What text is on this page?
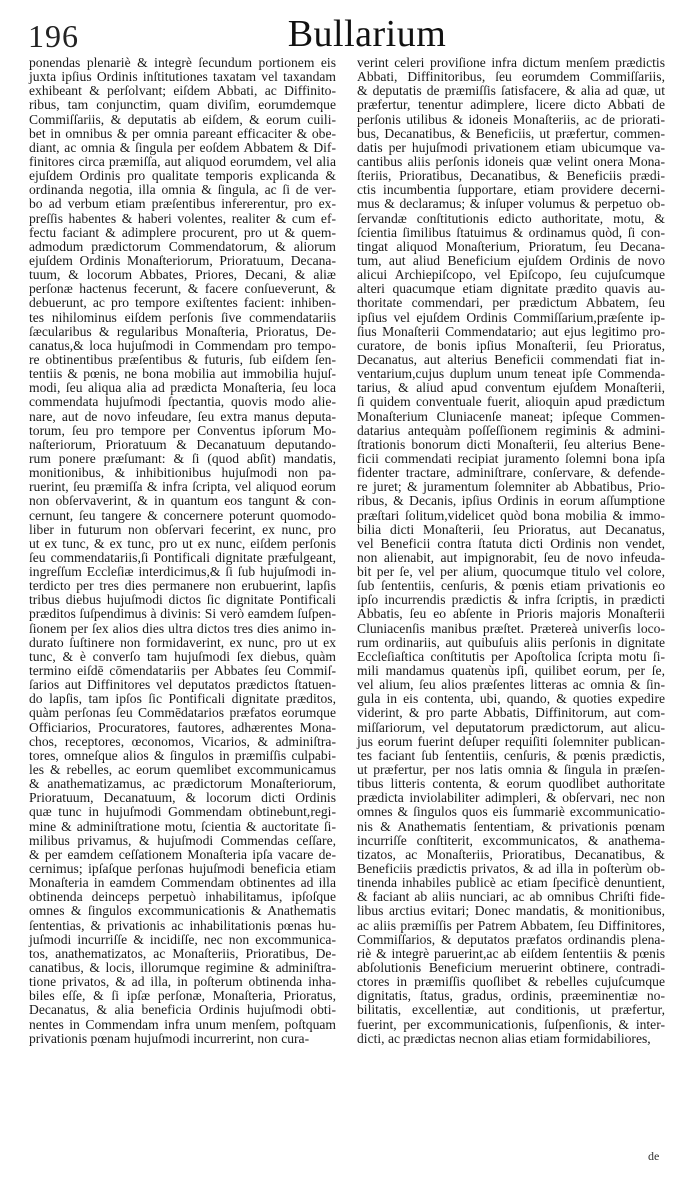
196	Bullarium
ponendas plenariè & integrè ſecundum portionem eis
juxta ipſius Ordinis inſtitutiones taxatam vel taxandam
exhibeant & perſolvant; eiſdem Abbati, ac Diffinito-
ribus, tam conjunctim, quam diviſim, eorumdemque
Commiſſariis, & deputatis ab eiſdem, & eorum cuili-
bet in omnibus & per omnia pareant efficaciter & obe-
diant, ac omnia & ſingula per eoſdem Abbatem & Dif-
finitores circa præmiſſa, aut aliquod eorumdem, vel alia
ejuſdem Ordinis pro qualitate temporis explicanda &
ordinanda negotia, illa omnia & ſingula, ac ſi de ver-
bo ad verbum etiam præſentibus infererentur, pro ex-
preſſis habentes & haberi volentes, realiter & cum ef-
fectu faciant & adimplere procurent, pro ut & quem-
admodum prædictorum Commendatorum, & aliorum
ejuſdem Ordinis Monaſteriorum, Prioratuum, Decana-
tuum, & locorum Abbates, Priores, Decani, & aliæ
perſonæ hactenus fecerunt, & facere conſueverunt, &
debuerunt, ac pro tempore exiſtentes facient: inhiben-
tes nihilominus eiſdem perſonis ſive commendatariis
ſæcularibus & regularibus Monaſteria, Prioratus, De-
canatus,& loca hujuſmodi in Commendam pro tempo-
re obtinentibus præſentibus & futuris, ſub eiſdem ſen-
tentiis & pœnis, ne bona mobilia aut immobilia hujuſ-
modi, ſeu aliqua alia ad prædicta Monaſteria, ſeu loca
commendata hujuſmodi ſpectantia, quovis modo alie-
nare, aut de novo infeudare, ſeu extra manus deputa-
torum, ſeu pro tempore per Conventus ipſorum Mo-
naſteriorum, Prioratuum & Decanatuum deputando-
rum ponere præſumant: & ſi (quod abſit) mandatis,
monitionibus, & inhibitionibus hujuſmodi non pa-
ruerint, ſeu præmiſſa & infra ſcripta, vel aliquod eorum
non obſervaverint, & in quantum eos tangunt & con-
cernunt, ſeu tangere & concernere poterunt quomodo-
liber in futurum non obſervari fecerint, ex nunc, pro
ut ex tunc, & ex tunc, pro ut ex nunc, eiſdem perſonis
ſeu commendatariis,ſi Pontificali dignitate præfulgeant,
ingreſſum Eccleſiæ interdicimus,& ſi ſub hujuſmodi in-
terdicto per tres dies permanere non erubuerint, lapſis
tribus diebus hujuſmodi dictos ſic dignitate Pontificali
præditos ſuſpendimus à divinis: Si verò eamdem ſuſpen-
ſionem per ſex alios dies ultra dictos tres dies animo in-
durato ſuſtinere non formidaverint, ex nunc, pro ut ex
tunc, & è converſo tam hujuſmodi ſex diebus, quàm
termino eiſdē cōmendatariis per Abbates ſeu Commiſ-
ſarios aut Diffinitores vel deputatos prædictos ſtatuen-
do lapſis, tam ipſos ſic Pontificali dignitate præditos,
quàm perſonas ſeu Commēdatarios præfatos eorumque
Officiarios, Procuratores, fautores, adhærentes Mona-
chos, receptores, œconomos, Vicarios, & adminiſtra-
tores, omneſque alios & ſingulos in præmiſſis culpabi-
les & rebelles, ac eorum quemlibet excommunicamus
& anathematizamus, ac prædictorum Monaſteriorum,
Prioratuum, Decanatuum, & locorum dicti Ordinis
quæ tunc in hujuſmodi Gommendam obtinebunt,regi-
mine & adminiſtratione motu, ſcientia & auctoritate ſi-
milibus privamus, & hujuſmodi Commendas ceſſare,
& per eamdem ceſſationem Monaſteria ipſa vacare de-
cernimus; ipſaſque perſonas hujuſmodi beneficia etiam
Monaſteria in eamdem Commendam obtinentes ad illa
obtinenda deinceps perpetuò inhabilitamus, ipſoſque
omnes & ſingulos excommunicationis & Anathematis
ſententias, & privationis ac inhabilitationis pœnas hu-
juſmodi incurriſſe & incidiſſe, nec non excommunica-
tos, anathematizatos, ac Monaſteriis, Prioratibus, De-
canatibus, & locis, illorumque regimine & adminiſtra-
tione privatos, & ad illa, in poſterum obtinenda inha-
biles eſſe, & ſi ipſæ perſonæ, Monaſteria, Prioratus,
Decanatus, & alia beneficia Ordinis hujuſmodi obti-
nentes in Commendam infra unum menſem, poſtquam
privationis pœnam hujuſmodi incurrerint, non cura-
verint celeri proviſione infra dictum menſem prædictis
Abbati, Diffinitoribus, ſeu eorumdem Commiſſariis,
& deputatis de præmiſſis ſatisfacere, & alia ad quæ, ut
præfertur, tenentur adimplere, licere dicto Abbati de
perſonis utilibus & idoneis Monaſteriis, ac de priorati-
bus, Decanatibus, & Beneficiis, ut præfertur, commen-
datis per hujuſmodi privationem etiam ubicumque va-
cantibus aliis perſonis idoneis quæ velint onera Mona-
ſteriis, Prioratibus, Decanatibus, & Beneficiis prædi-
ctis incumbentia ſupportare, etiam providere decerni-
mus & declaramus; & inſuper volumus & perpetuo ob-
ſervandæ conſtitutionis edicto authoritate, motu, &
ſcientia ſimilibus ſtatuimus & ordinamus quòd, ſi con-
tingat aliquod Monaſterium, Prioratum, ſeu Decana-
tum, aut aliud Beneficium ejuſdem Ordinis de novo
alicui Archiepiſcopo, vel Epiſcopo, ſeu cujuſcumque
alteri quacumque etiam dignitate prædito quavis au-
thoritate commendari, per prædictum Abbatem, ſeu
ipſius vel ejuſdem Ordinis Commiſſarium,præſente ip-
ſius Monaſterii Commendatario; aut ejus legitimo pro-
curatore, de bonis ipſius Monaſterii, ſeu Prioratus,
Decanatus, aut alterius Beneficii commendati fiat in-
ventarium,cujus duplum unum teneat ipſe Commenda-
tarius, & aliud apud conventum ejuſdem Monaſterii,
ſi quidem conventuale fuerit, alioquin apud prædictum
Monaſterium Cluniacenſe maneat; ipſeque Commen-
datarius antequàm poſſeſſionem regiminis & admini-
ſtrationis bonorum dicti Monaſterii, ſeu alterius Bene-
ficii commendati recipiat juramento ſolemni bona ipſa
fidenter tractare, adminiſtrare, conſervare, & defende-
re juret; & juramentum ſolemniter ab Abbatibus, Prio-
ribus, & Decanis, ipſius Ordinis in eorum aſſumptione
præſtari ſolitum,videlicet quòd bona mobilia & immo-
bilia dicti Monaſterii, ſeu Prioratus, aut Decanatus,
vel Beneficii contra ſtatuta dicti Ordinis non vendet,
non alienabit, aut impignorabit, ſeu de novo infeuda-
bit per ſe, vel per alium, quocumque titulo vel colore,
ſub ſententiis, cenſuris, & pœnis etiam privationis eo
ipſo incurrendis prædictis & infra ſcriptis, in prædicti
Abbatis, ſeu eo abſente in Prioris majoris Monaſterii
Cluniacenſis manibus præſtet. Prætereà univerſis loco-
rum ordinariis, aut quibuſuis aliis perſonis in dignitate
Eccleſiaſtica conſtitutis per Apoſtolica ſcripta motu ſi-
mili mandamus quatenùs ipſi, quilibet eorum, per ſe,
vel alium, ſeu alios præſentes litteras ac omnia & ſin-
gula in eis contenta, ubi, quando, & quoties expedire
viderint, & pro parte Abbatis, Diffinitorum, aut com-
miſſariorum, vel deputatorum prædictorum, aut alicu-
jus eorum fuerint deſuper requiſiti ſolemniter publican-
tes faciant ſub ſententiis, cenſuris, & pœnis prædictis,
ut præfertur, per nos latis omnia & ſingula in præſen-
tibus litteris contenta, & eorum quodlibet authoritate
prædicta inviolabiliter adimpleri, & obſervari, nec non
omnes & ſingulos quos eis ſummariè excommunicatio-
nis & Anathematis ſententiam, & privationis pœnam
incurriſſe conſtiterit, excommunicatos, & anathema-
tizatos, ac Monaſteriis, Prioratibus, Decanatibus, &
Beneficiis prædictis privatos, & ad illa in poſterùm ob-
tinenda inhabiles publicè ac etiam ſpecificè denuntient,
& faciant ab aliis nunciari, ac ab omnibus Chriſti fide-
libus arctius evitari; Donec mandatis, & monitionibus,
ac aliis præmiſſis per Patrem Abbatem, ſeu Diffinitores,
Commiſſarios, & deputatos præfatos ordinandis plena-
riè & integrè paruerint,ac ab eiſdem ſententiis & pœnis
abſolutionis Beneficium meruerint obtinere, contradi-
ctores in præmiſſis quoſlibet & rebelles cujuſcumque
dignitatis, ſtatus, gradus, ordinis, præeminentiæ no-
bilitatis, excellentiæ, aut conditionis, ut præfertur,
fuerint, per excommunicationis, ſuſpenſionis, & inter-
dicti, ac prædictas necnon alias etiam formidabiliores,
de
